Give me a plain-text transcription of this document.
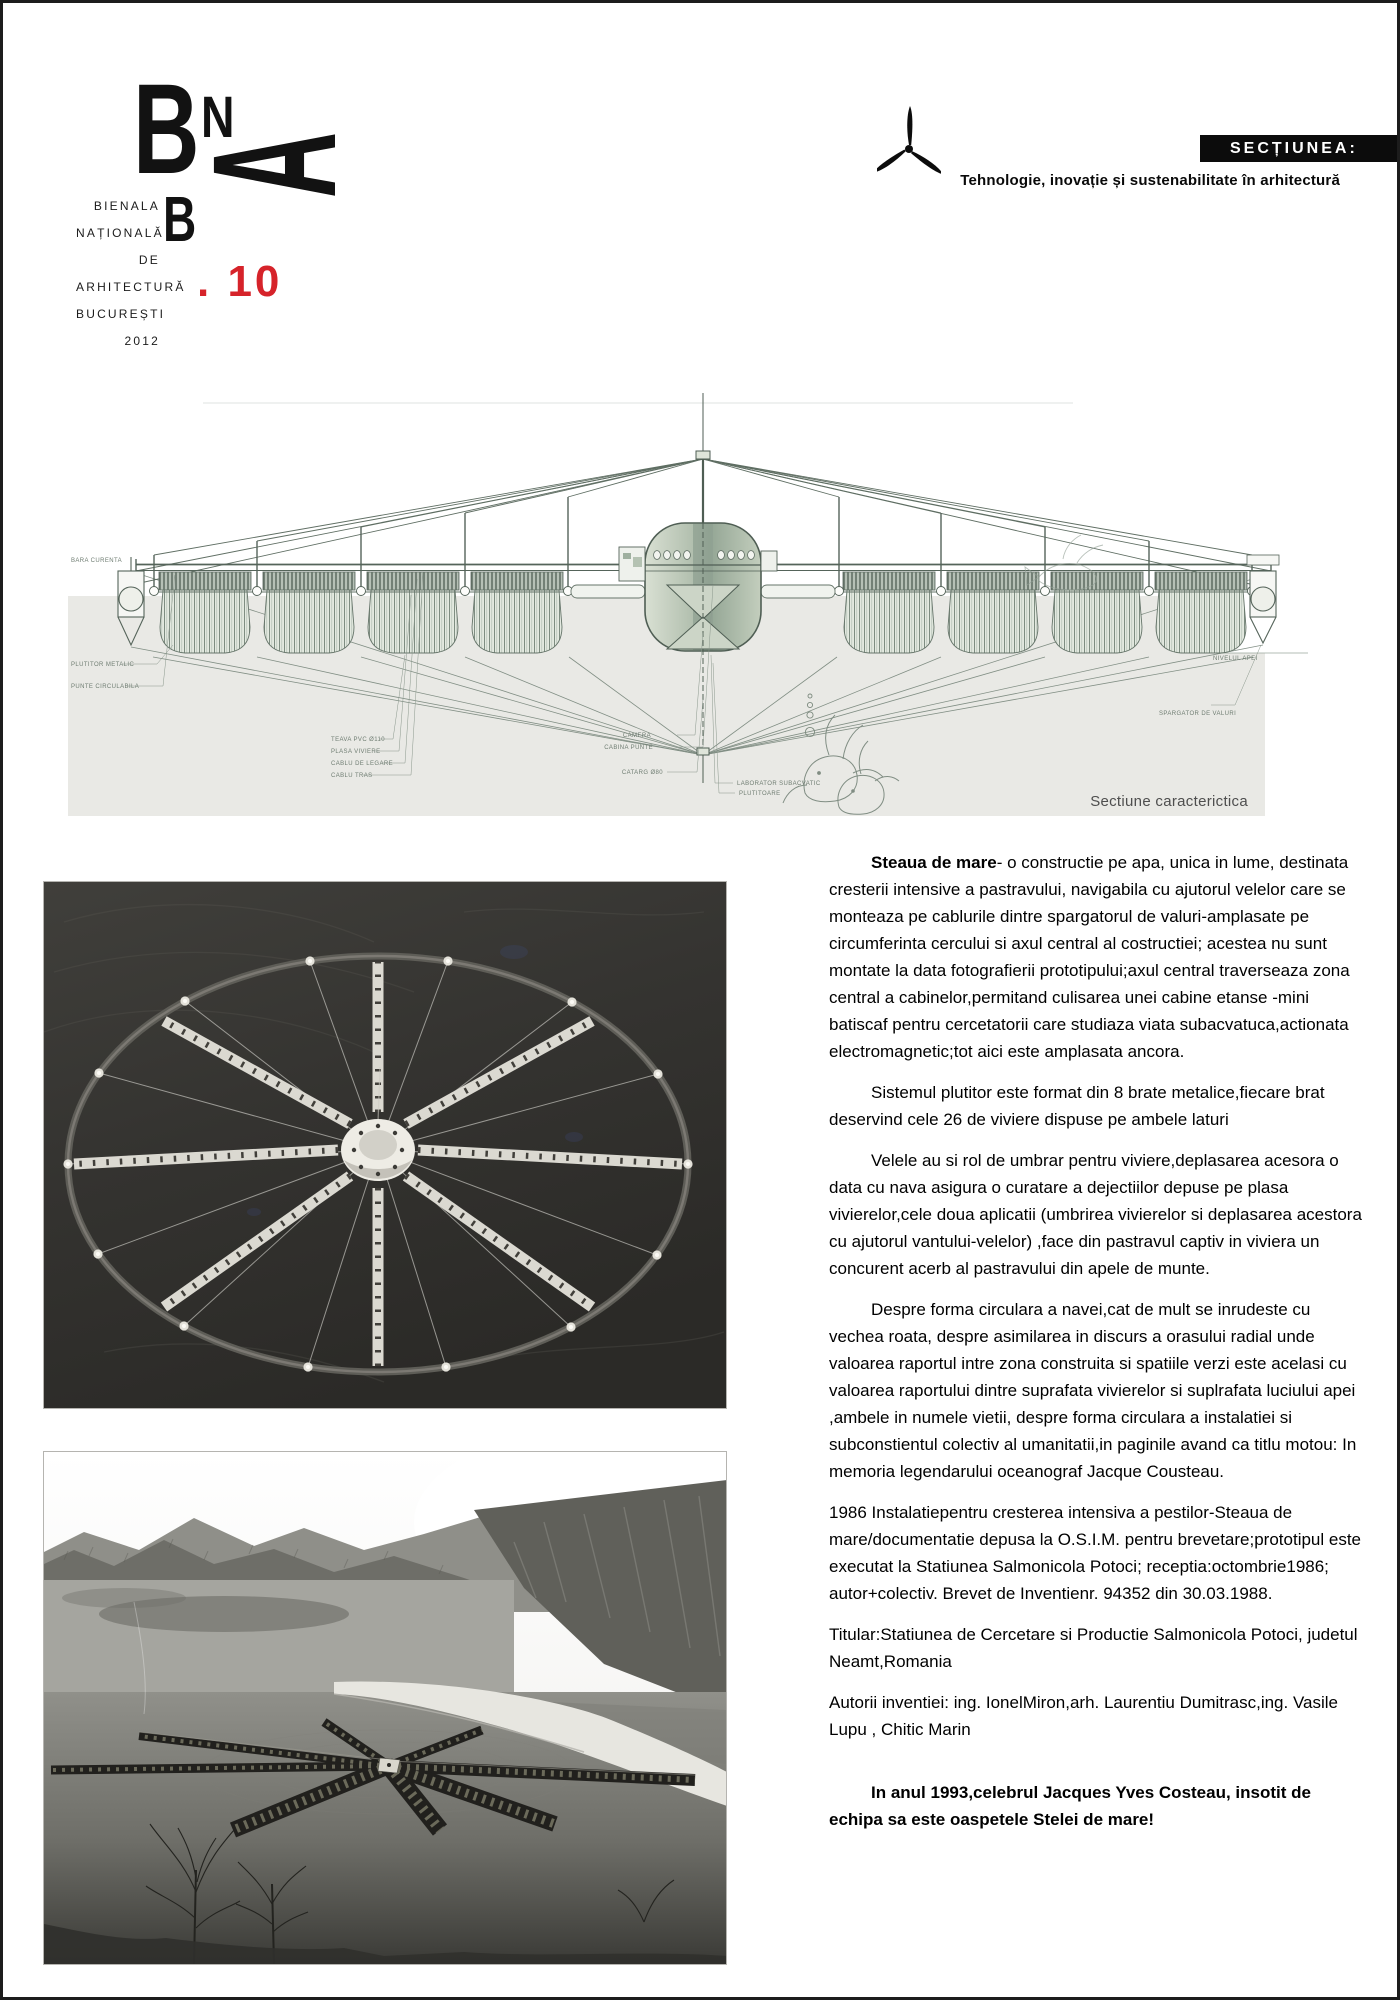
B N
A
B
. 10
BIENALA
NAȚIONALĂ
DE
ARHITECTURĂ
BUCUREȘTI
2012
SECȚIUNEA:
Tehnologie, inovație și sustenabilitate în arhitectură
BARA CURENTA
PLUTITOR METALIC
PUNTE CIRCULABILA
TEAVA PVC Ø110
PLASA VIVIERE
CABLU DE LEGARE
CABLU TRAS
CAMERA
CABINA PUNTE
CATARG Ø80
LABORATOR SUBACVATIC
PLUTITOARE
SPARGATOR DE VALURI
NIVELUL APEI
Sectiune caracterictica

Steaua de mare- o constructie pe apa, unica in lume, destinata cresterii intensive a pastravului, navigabila cu ajutorul velelor care se monteaza pe cablurile dintre spargatorul de valuri-amplasate pe circumferinta cercului si axul central al costructiei; acestea nu sunt montate la data fotografierii prototipului;axul central traverseaza zona central a cabinelor,permitand culisarea unei cabine etanse -mini batiscaf pentru cercetatorii care studiaza viata subacvatuca,actionata electromagnetic;tot aici este amplasata ancora.

Sistemul plutitor este format din 8 brate metalice,fiecare brat deservind cele 26 de viviere dispuse pe ambele laturi

Velele au si rol de umbrar pentru viviere,deplasarea acesora o data cu nava asigura o curatare a dejectiilor depuse pe plasa vivierelor,cele doua aplicatii (umbrirea vivierelor si deplasarea acestora cu ajutorul vantului-velelor) ,face din pastravul captiv in viviera un concurent acerb al pastravului din apele de munte.

Despre forma circulara a navei,cat de mult se inrudeste cu vechea roata, despre asimilarea in discurs a orasului radial unde valoarea raportul intre zona construita si spatiile verzi este acelasi cu valoarea raportului dintre suprafata vivierelor si suplrafata luciului apei ,ambele in numele vietii, despre forma circulara a instalatiei si subconstientul colectiv al umanitatii,in paginile avand ca titlu motou: In memoria legendarului oceanograf Jacque Cousteau.

1986 Instalatiepentru cresterea intensiva a pestilor-Steaua de mare/documentatie depusa la O.S.I.M. pentru brevetare;prototipul este executat la Statiunea Salmonicola Potoci; receptia:octombrie1986; autor+colectiv. Brevet de Inventienr. 94352 din 30.03.1988.

Titular:Statiunea de Cercetare si Productie Salmonicola Potoci, judetul Neamt,Romania

Autorii inventiei: ing. IonelMiron,arh. Laurentiu Dumitrasc,ing. Vasile Lupu , Chitic Marin

In anul 1993,celebrul Jacques Yves Costeau, insotit de echipa sa este oaspetele Stelei de mare!
